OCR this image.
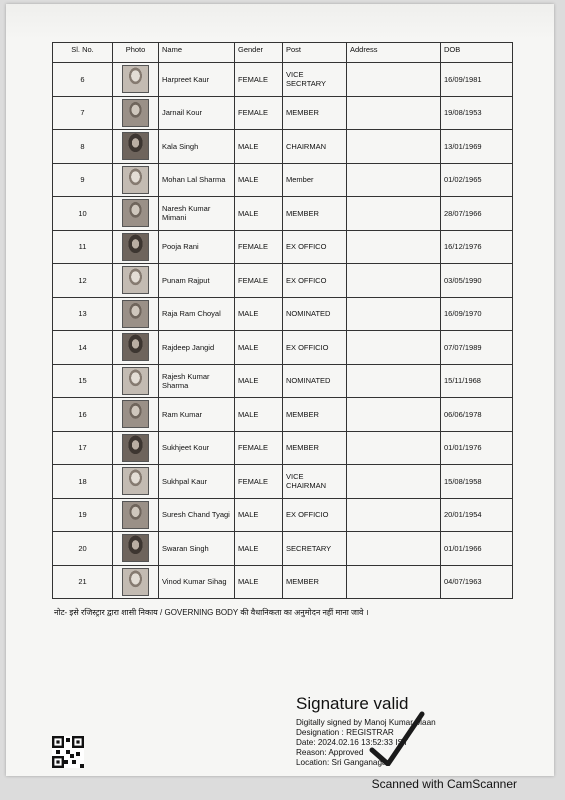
Sl. No.	Photo	Name	Gender	Post	Address	DOB
6		Harpreet Kaur	FEMALE	VICE SECRTARY		16/09/1981
7		Jarnail Kour	FEMALE	MEMBER		19/08/1953
8		Kala Singh	MALE	CHAIRMAN		13/01/1969
9		Mohan Lal Sharma	MALE	Member		01/02/1965
10		Naresh Kumar Mimani	MALE	MEMBER		28/07/1966
11		Pooja Rani	FEMALE	EX OFFICO		16/12/1976
12		Punam Rajput	FEMALE	EX OFFICO		03/05/1990
13		Raja Ram Choyal	MALE	NOMINATED		16/09/1970
14		Rajdeep Jangid	MALE	EX OFFICIO		07/07/1989
15		Rajesh Kumar Sharma	MALE	NOMINATED		15/11/1968
16		Ram Kumar	MALE	MEMBER		06/06/1978
17		Sukhjeet Kour	FEMALE	MEMBER		01/01/1976
18		Sukhpal Kaur	FEMALE	VICE CHAIRMAN		15/08/1958
19		Suresh Chand Tyagi	MALE	EX OFFICIO		20/01/1954
20		Swaran Singh	MALE	SECRETARY		01/01/1966
21		Vinod Kumar Sihag	MALE	MEMBER		04/07/1963
नोट- इसे रजिस्ट्रार द्वारा शासी निकाय / GOVERNING BODY की वैधानिकता का अनुमोदन नहीं माना जावे ।
Signature valid
Digitally signed by Manoj Kumar Maan
Designation : REGISTRAR
Date: 2024.02.16 13:52:33 IST
Reason: Approved
Location: Sri Ganganagar
Scanned with CamScanner
